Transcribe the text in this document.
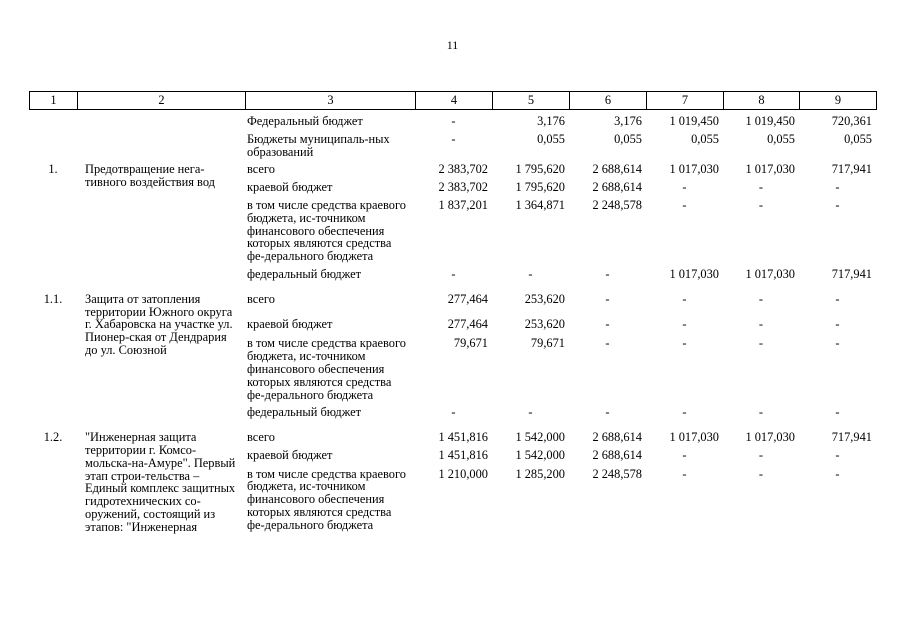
11
1	2	3	4	5	6	7	8	9
		Федеральный бюджет	-	3,176	3,176	1 019,450	1 019,450	720,361

		Бюджеты муниципаль-ных образований	-	0,055	0,055	0,055	0,055	0,055

1.	Предотвращение нега-тивного воздействия вод	всего	2 383,702	1 795,620	2 688,614	1 017,030	1 017,030	717,941

		краевой бюджет	2 383,702	1 795,620	2 688,614	-	-	-

		в том числе средства краевого бюджета, ис-точником финансового обеспечения которых являются средства фе-дерального бюджета	1 837,201	1 364,871	2 248,578	-	-	-

		федеральный бюджет	-	-	-	1 017,030	1 017,030	717,941

1.1.	Защита от затопления территории Южного округа г. Хабаровска на участке ул. Пионер-ская от Дендрария до ул. Союзной	всего	277,464	253,620	-	-	-	-

		краевой бюджет	277,464	253,620	-	-	-	-

		в том числе средства краевого бюджета, ис-точником финансового обеспечения которых являются средства фе-дерального бюджета	79,671	79,671	-	-	-	-

		федеральный бюджет	-	-	-	-	-	-

1.2.	"Инженерная защита территории г. Комсо-мольска-на-Амуре". Первый этап строи-тельства – Единый комплекс защитных гидротехнических со-оружений, состоящий из этапов: "Инженерная	всего	1 451,816	1 542,000	2 688,614	1 017,030	1 017,030	717,941

		краевой бюджет	1 451,816	1 542,000	2 688,614	-	-	-

		в том числе средства краевого бюджета, ис-точником финансового обеспечения которых являются средства фе-дерального бюджета	1 210,000	1 285,200	2 248,578	-	-	-
